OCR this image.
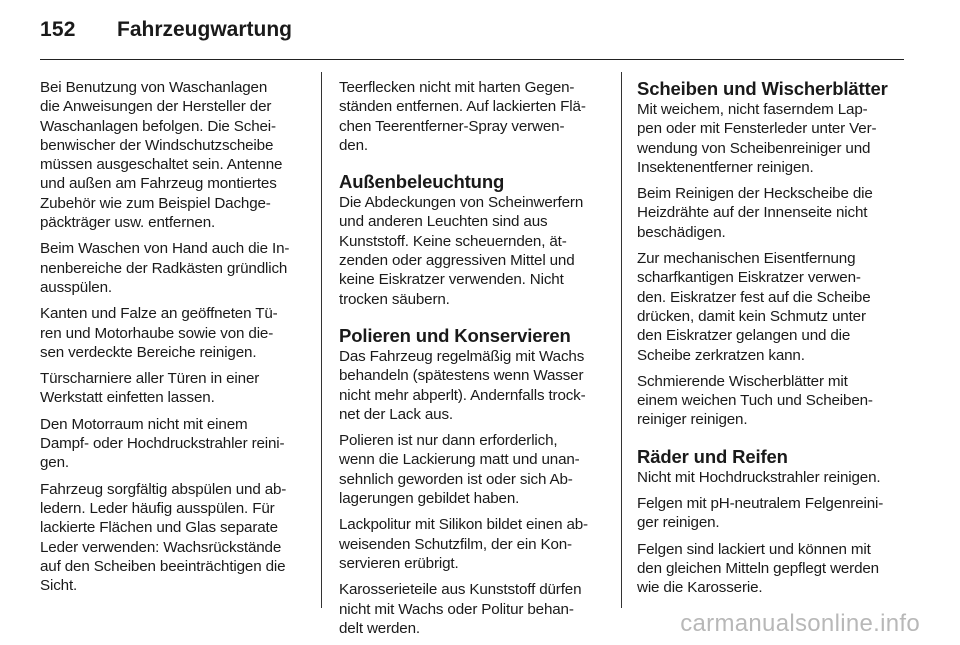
152 Fahrzeugwartung

Bei Benutzung von Waschanlagen
die Anweisungen der Hersteller der
Waschanlagen befolgen. Die Schei-
benwischer der Windschutzscheibe
müssen ausgeschaltet sein. Antenne
und außen am Fahrzeug montiertes
Zubehör wie zum Beispiel Dachge-
päckträger usw. entfernen.

Beim Waschen von Hand auch die In-
nenbereiche der Radkästen gründlich
ausspülen.

Kanten und Falze an geöffneten Tü-
ren und Motorhaube sowie von die-
sen verdeckte Bereiche reinigen.

Türscharniere aller Türen in einer
Werkstatt einfetten lassen.

Den Motorraum nicht mit einem
Dampf- oder Hochdruckstrahler reini-
gen.

Fahrzeug sorgfältig abspülen und ab-
ledern. Leder häufig ausspülen. Für
lackierte Flächen und Glas separate
Leder verwenden: Wachsrückstände
auf den Scheiben beeinträchtigen die
Sicht.

Teerflecken nicht mit harten Gegen-
ständen entfernen. Auf lackierten Flä-
chen Teerentferner-Spray verwen-
den.

Außenbeleuchtung

Die Abdeckungen von Scheinwerfern
und anderen Leuchten sind aus
Kunststoff. Keine scheuernden, ät-
zenden oder aggressiven Mittel und
keine Eiskratzer verwenden. Nicht
trocken säubern.

Polieren und Konservieren

Das Fahrzeug regelmäßig mit Wachs
behandeln (spätestens wenn Wasser
nicht mehr abperlt). Andernfalls trock-
net der Lack aus.

Polieren ist nur dann erforderlich,
wenn die Lackierung matt und unan-
sehnlich geworden ist oder sich Ab-
lagerungen gebildet haben.

Lackpolitur mit Silikon bildet einen ab-
weisenden Schutzfilm, der ein Kon-
servieren erübrigt.

Karosserieteile aus Kunststoff dürfen
nicht mit Wachs oder Politur behan-
delt werden.

Scheiben und Wischerblätter

Mit weichem, nicht faserndem Lap-
pen oder mit Fensterleder unter Ver-
wendung von Scheibenreiniger und
Insektenentferner reinigen.

Beim Reinigen der Heckscheibe die
Heizdrähte auf der Innenseite nicht
beschädigen.

Zur mechanischen Eisentfernung
scharfkantigen Eiskratzer verwen-
den. Eiskratzer fest auf die Scheibe
drücken, damit kein Schmutz unter
den Eiskratzer gelangen und die
Scheibe zerkratzen kann.

Schmierende Wischerblätter mit
einem weichen Tuch und Scheiben-
reiniger reinigen.

Räder und Reifen

Nicht mit Hochdruckstrahler reinigen.

Felgen mit pH-neutralem Felgenreini-
ger reinigen.

Felgen sind lackiert und können mit
den gleichen Mitteln gepflegt werden
wie die Karosserie.

carmanualsonline.info
